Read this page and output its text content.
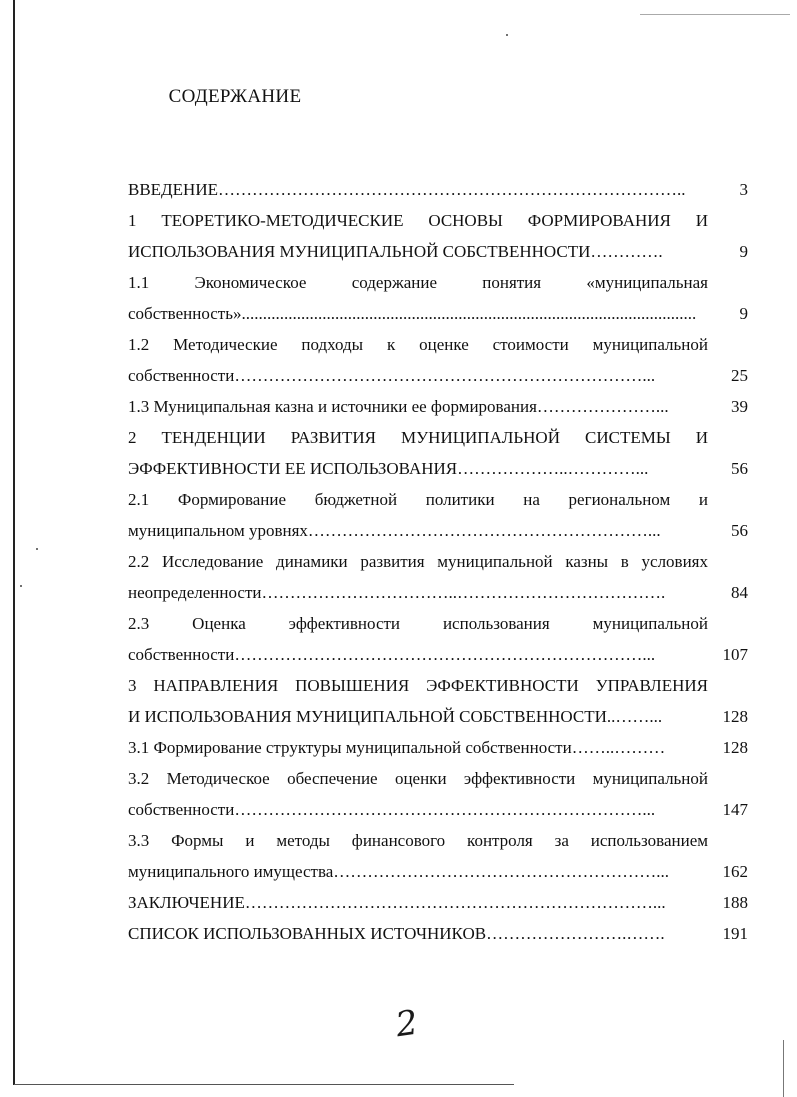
СОДЕРЖАНИЕ
ВВЕДЕНИЕ………………………………………………………………………..	3
1 ТЕОРЕТИКО-МЕТОДИЧЕСКИЕ ОСНОВЫ ФОРМИРОВАНИЯ И
ИСПОЛЬЗОВАНИЯ МУНИЦИПАЛЬНОЙ СОБСТВЕННОСТИ………….	9
1.1 Экономическое содержание понятия «муниципальная
собственность»...........................................................................................................	9
1.2 Методические подходы к оценке стоимости муниципальной
собственности………………………………………………………………...	25
1.3 Муниципальная казна и источники ее формирования…………………...	39
2 ТЕНДЕНЦИИ РАЗВИТИЯ МУНИЦИПАЛЬНОЙ СИСТЕМЫ И
ЭФФЕКТИВНОСТИ ЕЕ ИСПОЛЬЗОВАНИЯ………………..…………...	56
2.1 Формирование бюджетной политики на региональном и
муниципальном уровнях……………………………………………………...	56
2.2 Исследование динамики развития муниципальной казны в условиях
неопределенности……………………………..……………………………….	84
2.3 Оценка эффективности использования муниципальной
собственности………………………………………………………………...	107
3 НАПРАВЛЕНИЯ ПОВЫШЕНИЯ ЭФФЕКТИВНОСТИ УПРАВЛЕНИЯ
И ИСПОЛЬЗОВАНИЯ МУНИЦИПАЛЬНОЙ СОБСТВЕННОСТИ..……...	128
3.1 Формирование структуры муниципальной собственности……..………	128
3.2 Методическое обеспечение оценки эффективности муниципальной
собственности………………………………………………………………...	147
3.3 Формы и методы финансового контроля за использованием
муниципального имущества…………………………………………………...	162
ЗАКЛЮЧЕНИЕ………………………………………………………………...	188
СПИСОК ИСПОЛЬЗОВАННЫХ ИСТОЧНИКОВ…………………….…….	191
2
